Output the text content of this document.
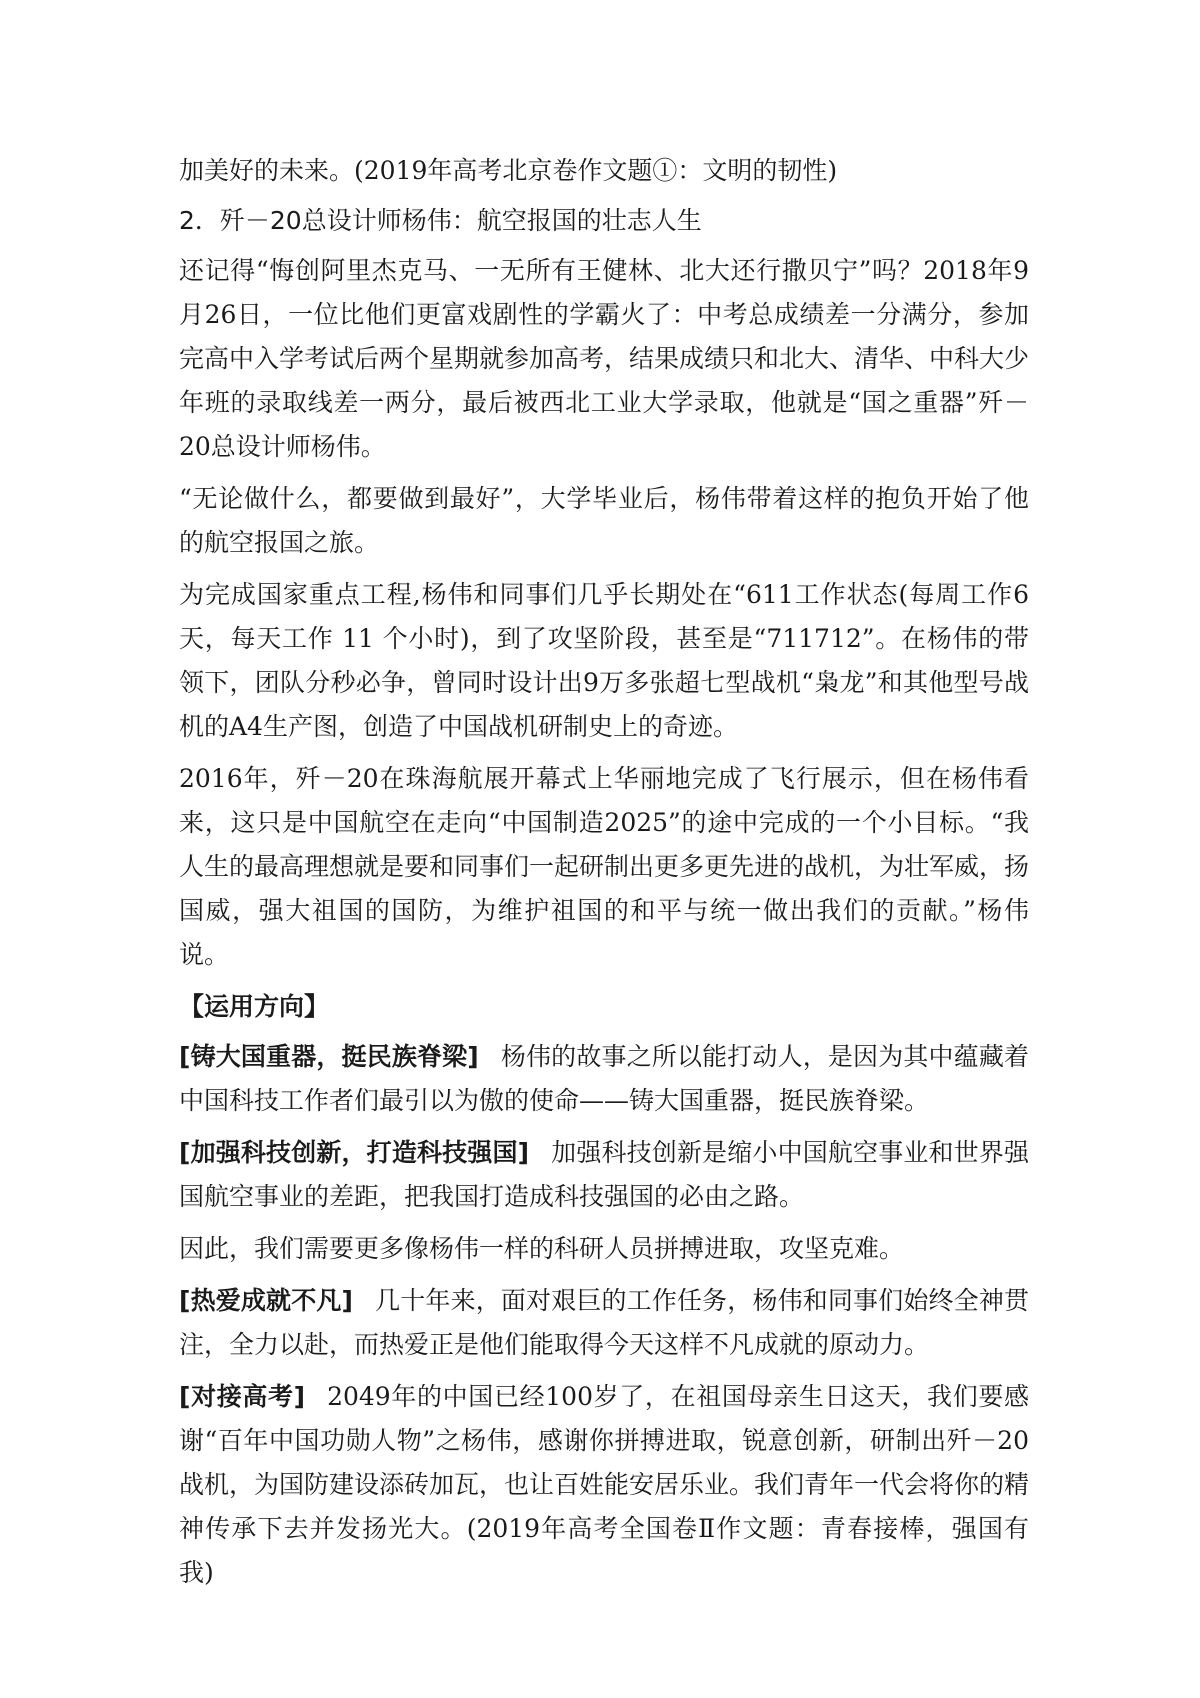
加美好的未来。(2019年高考北京卷作文题①：文明的韧性)

2．歼－20总设计师杨伟：航空报国的壮志人生

还记得“悔创阿里杰克马、一无所有王健林、北大还行撒贝宁”吗？2018年9月26日，一位比他们更富戏剧性的学霸火了：中考总成绩差一分满分，参加完高中入学考试后两个星期就参加高考，结果成绩只和北大、清华、中科大少年班的录取线差一两分，最后被西北工业大学录取，他就是“国之重器”歼－20总设计师杨伟。

“无论做什么，都要做到最好”，大学毕业后，杨伟带着这样的抱负开始了他的航空报国之旅。

为完成国家重点工程,杨伟和同事们几乎长期处在“611工作状态(每周工作6天，每天工作 11 个小时)，到了攻坚阶段，甚至是“711712”。在杨伟的带领下，团队分秒必争，曾同时设计出9万多张超七型战机“枭龙”和其他型号战机的A4生产图，创造了中国战机研制史上的奇迹。

2016年，歼－20在珠海航展开幕式上华丽地完成了飞行展示，但在杨伟看来，这只是中国航空在走向“中国制造2025”的途中完成的一个小目标。“我人生的最高理想就是要和同事们一起研制出更多更先进的战机，为壮军威，扬国威，强大祖国的国防，为维护祖国的和平与统一做出我们的贡献。”杨伟说。

【运用方向】

[铸大国重器，挺民族脊梁] 杨伟的故事之所以能打动人，是因为其中蕴藏着中国科技工作者们最引以为傲的使命——铸大国重器，挺民族脊梁。

[加强科技创新，打造科技强国] 加强科技创新是缩小中国航空事业和世界强国航空事业的差距，把我国打造成科技强国的必由之路。

因此，我们需要更多像杨伟一样的科研人员拼搏进取，攻坚克难。

[热爱成就不凡] 几十年来，面对艰巨的工作任务，杨伟和同事们始终全神贯注，全力以赴，而热爱正是他们能取得今天这样不凡成就的原动力。

[对接高考] 2049年的中国已经100岁了，在祖国母亲生日这天，我们要感谢“百年中国功勋人物”之杨伟，感谢你拼搏进取，锐意创新，研制出歼－20战机，为国防建设添砖加瓦，也让百姓能安居乐业。我们青年一代会将你的精神传承下去并发扬光大。(2019年高考全国卷Ⅱ作文题：青春接棒，强国有我)
